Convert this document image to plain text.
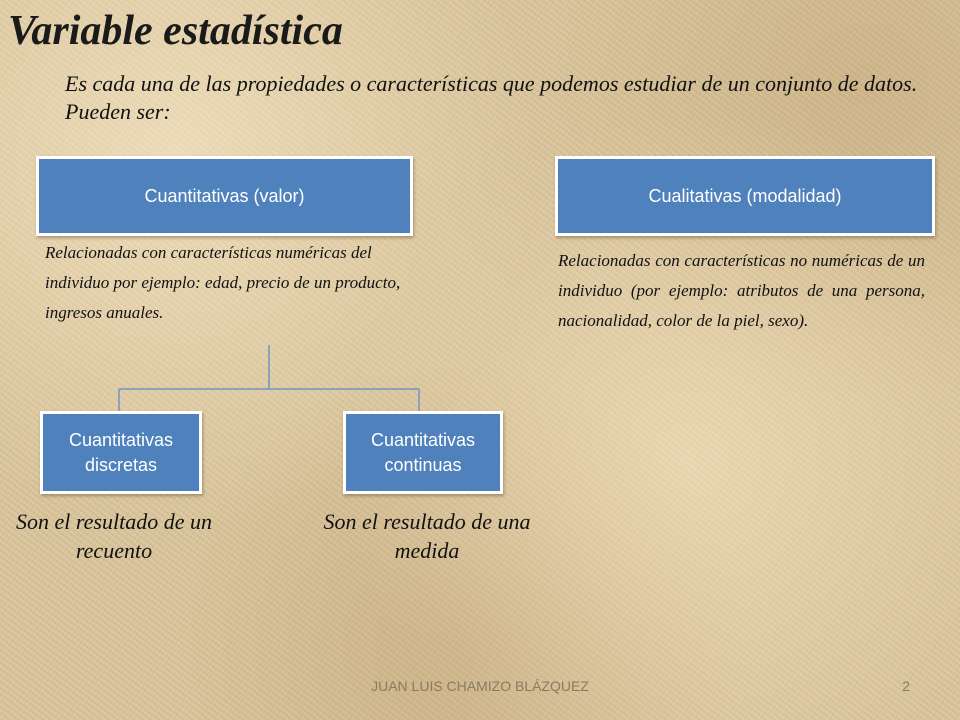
Variable estadística

Es cada una de las propiedades o características que podemos estudiar de un conjunto de datos. Pueden ser:

Cuantitativas (valor)

Relacionadas con características numéricas del individuo por ejemplo: edad, precio de un producto, ingresos anuales.

Cualitativas (modalidad)

Relacionadas con características no numéricas de un individuo (por ejemplo: atributos de una persona, nacionalidad, color de la piel, sexo).

Cuantitativas discretas

Son el resultado de un recuento

Cuantitativas continuas

Son el resultado de una medida

JUAN LUIS CHAMIZO BLÁZQUEZ	2
